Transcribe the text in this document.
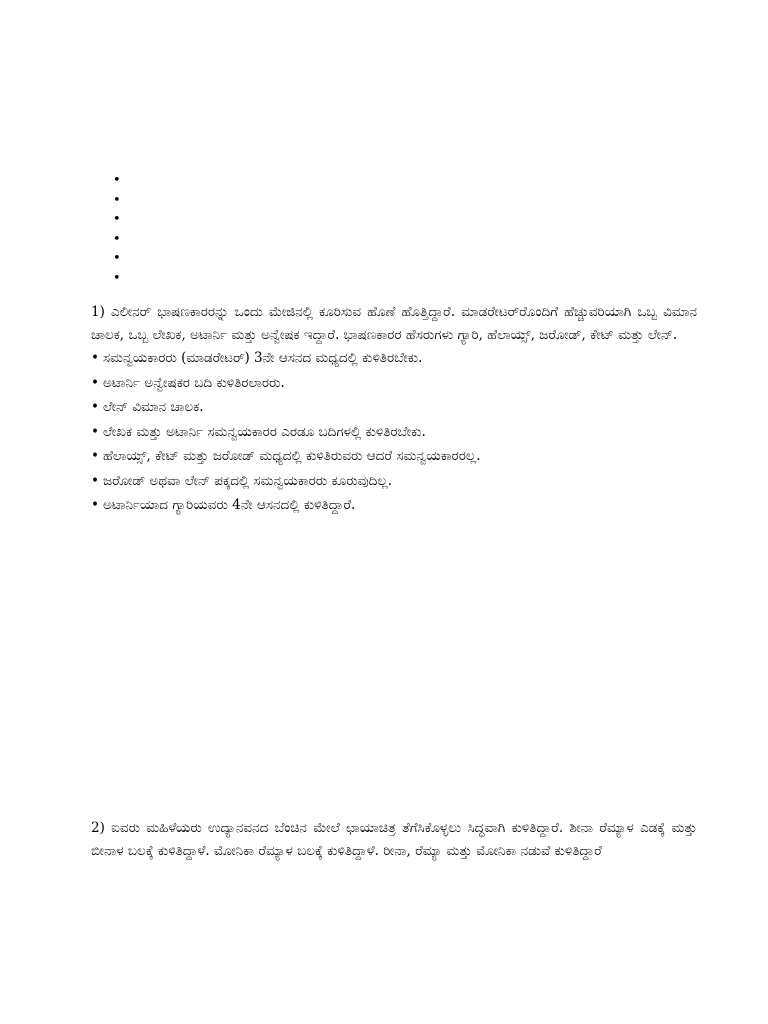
•
•
•
•
•
•

1) ಎಲೀನರ್ ಭಾಷಣಕಾರರನ್ನು ಒಂದು ಮೇಜಿನಲ್ಲಿ ಕೂರಿಸುವ ಹೊಣೆ ಹೊತ್ತಿದ್ದಾರೆ. ಮಾಡರೇಟರ್‌ರೊಂದಿಗೆ ಹೆಚ್ಚುವರಿಯಾಗಿ ಒಬ್ಬ ವಿಮಾನ ಚಾಲಕ, ಒಬ್ಬ ಲೇಖಕ, ಅಟಾರ್ನಿ ಮತ್ತು ಅನ್ವೇಷಕ ಇದ್ದಾರೆ. ಭಾಷಣಕಾರರ ಹೆಸರುಗಳು ಗ್ಯಾರಿ, ಹೆಲಾಯ್ಸ್, ಜರೋಡ್, ಕೇಟ್ ಮತ್ತು ಲೇನ್.

• ಸಮನ್ವಯಕಾರರು (ಮಾಡರೇಟರ್) 3ನೇ ಆಸನದ ಮಧ್ಯದಲ್ಲಿ ಕುಳಿತಿರಬೇಕು.
• ಅಟಾರ್ನಿ ಅನ್ವೇಷಕರ ಬದಿ ಕುಳಿತಿರಲಾರರು.
• ಲೇನ್ ವಿಮಾನ ಚಾಲಕ.
• ಲೇಖಕ ಮತ್ತು ಅಟಾರ್ನಿ ಸಮನ್ವಯಕಾರರ ಎರಡೂ ಬದಿಗಳಲ್ಲಿ ಕುಳಿತಿರಬೇಕು.
• ಹೆಲಾಯ್ಸ್, ಕೇಟ್ ಮತ್ತು ಜರೋಡ್ ಮಧ್ಯದಲ್ಲಿ ಕುಳಿತಿರುವರು ಆದರೆ ಸಮನ್ವಯಕಾರರಲ್ಲ.
• ಜರೋಡ್ ಅಥವಾ ಲೇನ್ ಪಕ್ಕದಲ್ಲಿ ಸಮನ್ವಯಕಾರರು ಕೂರುವುದಿಲ್ಲ.
• ಅಟಾರ್ನಿಯಾದ ಗ್ಯಾರಿಯವರು 4ನೇ ಆಸನದಲ್ಲಿ ಕುಳಿತಿದ್ದಾರೆ.

2) ಐವರು ಮಹಿಳೆಯರು ಉದ್ಯಾನವನದ ಬೆಂಚಿನ ಮೇಲೆ ಛಾಯಾಚಿತ್ರ ತೆಗೆಸಿಕೊಳ್ಳಲು ಸಿದ್ಧವಾಗಿ ಕುಳಿತಿದ್ದಾರೆ. ಶೀನಾ ರೆಮ್ಯಾಳ ಎಡಕ್ಕೆ ಮತ್ತು ಬೀನಾಳ ಬಲಕ್ಕೆ ಕುಳಿತಿದ್ದಾಳೆ. ಮೋನಿಕಾ ರೆಮ್ಯಾಳ ಬಲಕ್ಕೆ ಕುಳಿತಿದ್ದಾಳೆ. ರೀನಾ, ರೆಮ್ಯಾ ಮತ್ತು ಮೋನಿಕಾ ನಡುವೆ ಕುಳಿತಿದ್ದಾರೆ
